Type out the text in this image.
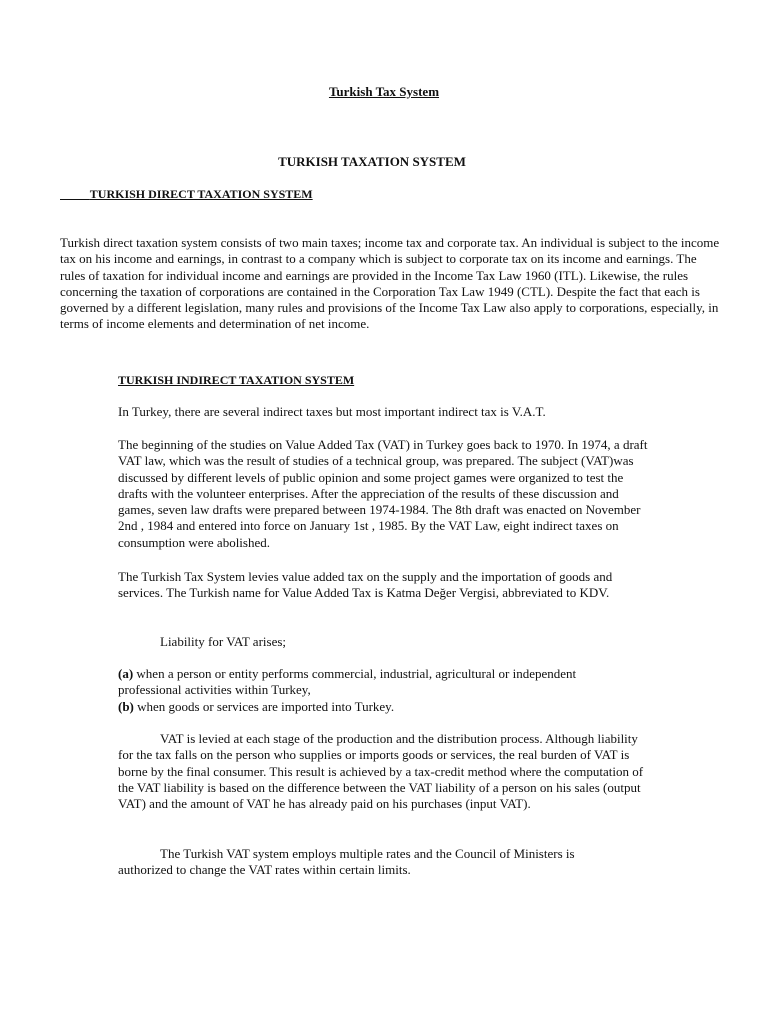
Turkish Tax System
TURKISH TAXATION SYSTEM
TURKISH DIRECT TAXATION SYSTEM

Turkish direct taxation system consists of two main taxes; income tax and corporate tax. An individual is subject to the income tax on his income and earnings, in contrast to a company which is subject to corporate tax on its income and earnings. The rules of taxation for individual income and earnings are provided in the Income Tax Law 1960 (ITL). Likewise, the rules concerning the taxation of corporations are contained in the Corporation Tax Law 1949 (CTL). Despite the fact that each is governed by a different legislation, many rules and provisions of the Income Tax Law also apply to corporations, especially, in terms of income elements and determination of net income.

TURKISH INDIRECT TAXATION SYSTEM

In Turkey, there are several indirect taxes but most important indirect tax is V.A.T.

The beginning of the studies on Value Added Tax (VAT) in Turkey goes back to 1970. In 1974, a draft VAT law, which was the result of studies of a technical group, was prepared. The subject (VAT)was discussed by different levels of public opinion and some project games were organized to test the drafts with the volunteer enterprises. After the appreciation of the results of these discussion and games, seven law drafts were prepared between 1974-1984. The 8th draft was enacted on November 2nd , 1984 and entered into force on January 1st , 1985. By the VAT Law, eight indirect taxes on consumption were abolished.

The Turkish Tax System levies value added tax on the supply and the importation of goods and services. The Turkish name for Value Added Tax is Katma Değer Vergisi, abbreviated to KDV.

Liability for VAT arises;

(a) when a person or entity performs commercial, industrial, agricultural or independent professional activities within Turkey,
(b) when goods or services are imported into Turkey.

VAT is levied at each stage of the production and the distribution process. Although liability for the tax falls on the person who supplies or imports goods or services, the real burden of VAT is borne by the final consumer. This result is achieved by a tax-credit method where the computation of the VAT liability is based on the difference between the VAT liability of a person on his sales (output VAT) and the amount of VAT he has already paid on his purchases (input VAT).

The Turkish VAT system employs multiple rates and the Council of Ministers is authorized to change the VAT rates within certain limits.
